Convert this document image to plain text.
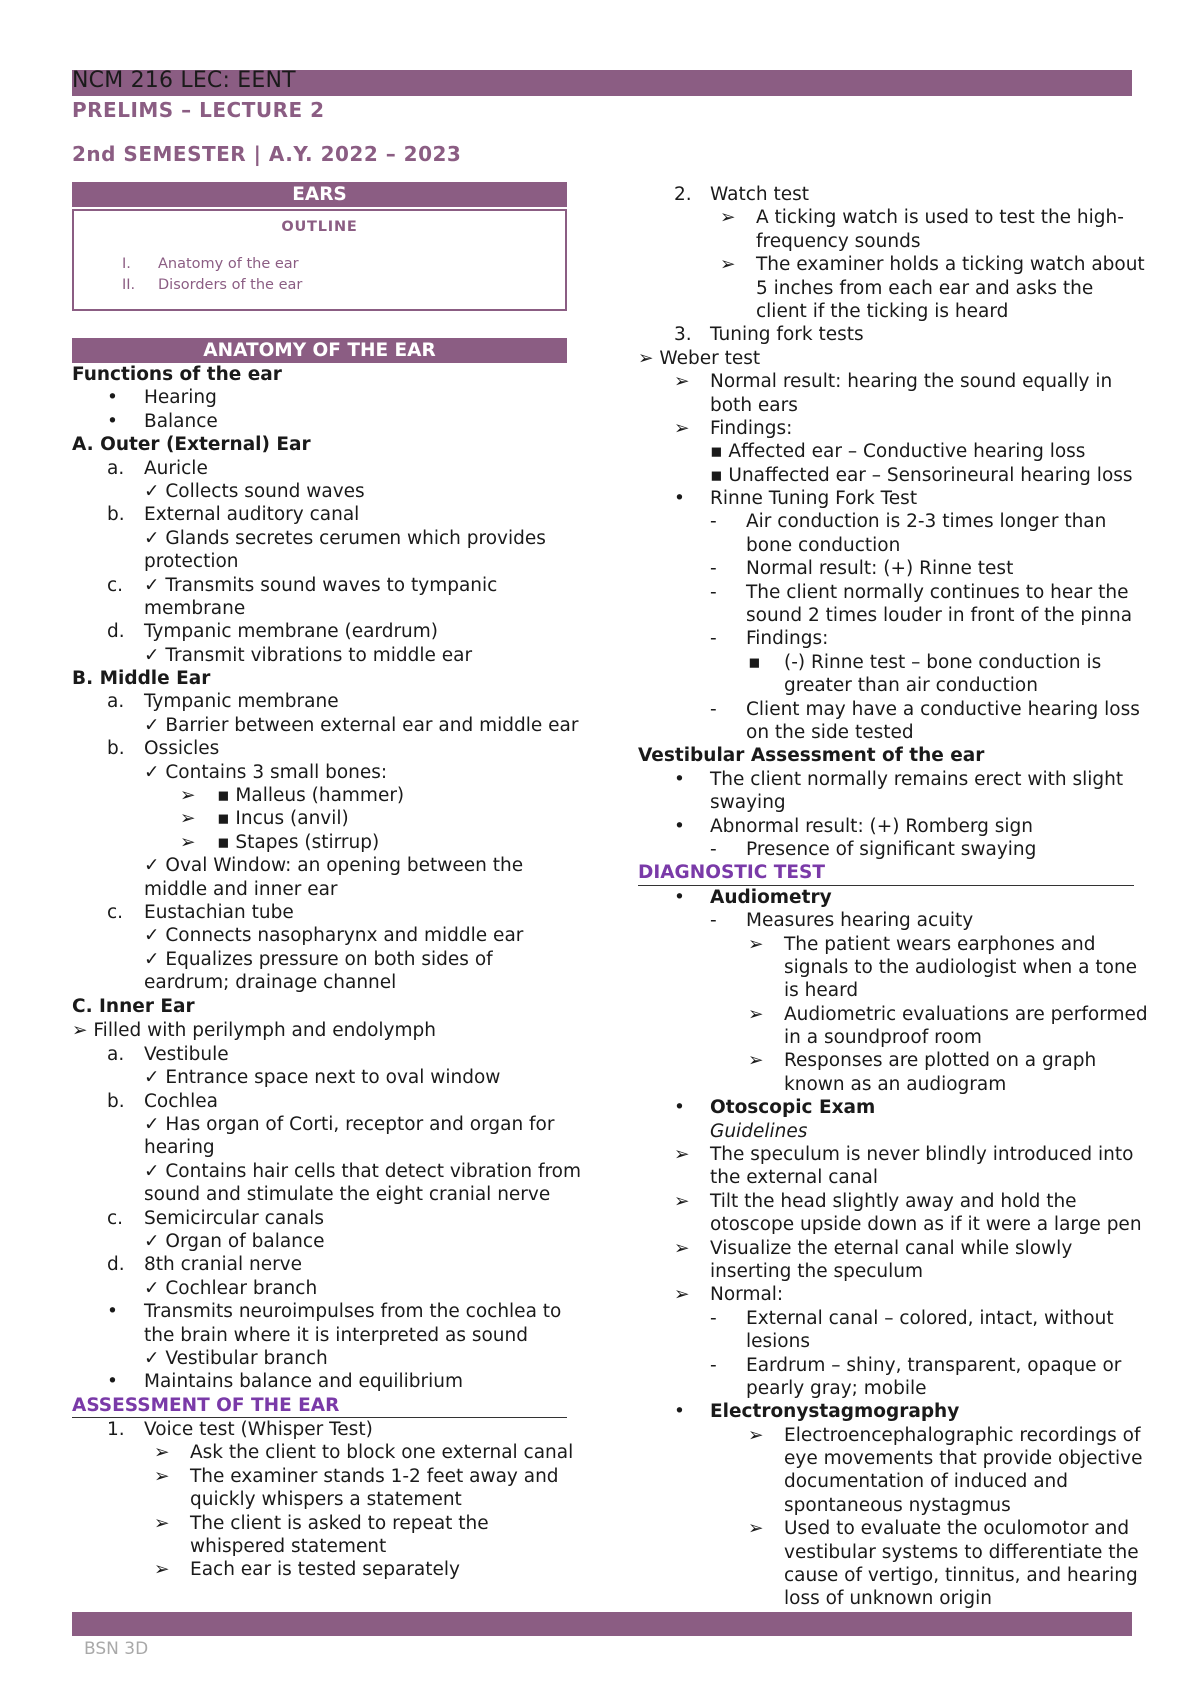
NCM 216 LEC: EENT
PRELIMS – LECTURE 2
2nd SEMESTER | A.Y. 2022 – 2023
EARS
OUTLINE
I. Anatomy of the ear
II. Disorders of the ear
ANATOMY OF THE EAR
Functions of the ear
• Hearing
• Balance
A. Outer (External) Ear
a. Auricle
✓ Collects sound waves
b. External auditory canal
✓ Glands secretes cerumen which provides
protection
c. ✓ Transmits sound waves to tympanic
membrane
d. Tympanic membrane (eardrum)
✓ Transmit vibrations to middle ear
B. Middle Ear
a. Tympanic membrane
✓ Barrier between external ear and middle ear
b. Ossicles
✓ Contains 3 small bones:
➢ ▪ Malleus (hammer)
➢ ▪ Incus (anvil)
➢ ▪ Stapes (stirrup)
✓ Oval Window: an opening between the
middle and inner ear
c. Eustachian tube
✓ Connects nasopharynx and middle ear
✓ Equalizes pressure on both sides of
eardrum; drainage channel
C. Inner Ear
➢ Filled with perilymph and endolymph
a. Vestibule
✓ Entrance space next to oval window
b. Cochlea
✓ Has organ of Corti, receptor and organ for
hearing
✓ Contains hair cells that detect vibration from
sound and stimulate the eight cranial nerve
c. Semicircular canals
✓ Organ of balance
d. 8th cranial nerve
✓ Cochlear branch
• Transmits neuroimpulses from the cochlea to
the brain where it is interpreted as sound
✓ Vestibular branch
• Maintains balance and equilibrium
ASSESSMENT OF THE EAR
1. Voice test (Whisper Test)
➢ Ask the client to block one external canal
➢ The examiner stands 1-2 feet away and
quickly whispers a statement
➢ The client is asked to repeat the
whispered statement
➢ Each ear is tested separately
2. Watch test
➢ A ticking watch is used to test the high-
frequency sounds
➢ The examiner holds a ticking watch about
5 inches from each ear and asks the
client if the ticking is heard
3. Tuning fork tests
➢ Weber test
➢ Normal result: hearing the sound equally in
both ears
➢ Findings:
▪ Affected ear – Conductive hearing loss
▪ Unaffected ear – Sensorineural hearing loss
• Rinne Tuning Fork Test
- Air conduction is 2-3 times longer than
bone conduction
- Normal result: (+) Rinne test
- The client normally continues to hear the
sound 2 times louder in front of the pinna
- Findings:
▪ (-) Rinne test – bone conduction is
greater than air conduction
- Client may have a conductive hearing loss
on the side tested
Vestibular Assessment of the ear
• The client normally remains erect with slight
swaying
• Abnormal result: (+) Romberg sign
- Presence of significant swaying
DIAGNOSTIC TEST
• Audiometry
- Measures hearing acuity
➢ The patient wears earphones and
signals to the audiologist when a tone
is heard
➢ Audiometric evaluations are performed
in a soundproof room
➢ Responses are plotted on a graph
known as an audiogram
• Otoscopic Exam
Guidelines
➢ The speculum is never blindly introduced into
the external canal
➢ Tilt the head slightly away and hold the
otoscope upside down as if it were a large pen
➢ Visualize the eternal canal while slowly
inserting the speculum
➢ Normal:
- External canal – colored, intact, without
lesions
- Eardrum – shiny, transparent, opaque or
pearly gray; mobile
• Electronystagmography
➢ Electroencephalographic recordings of
eye movements that provide objective
documentation of induced and
spontaneous nystagmus
➢ Used to evaluate the oculomotor and
vestibular systems to differentiate the
cause of vertigo, tinnitus, and hearing
loss of unknown origin
BSN 3D
